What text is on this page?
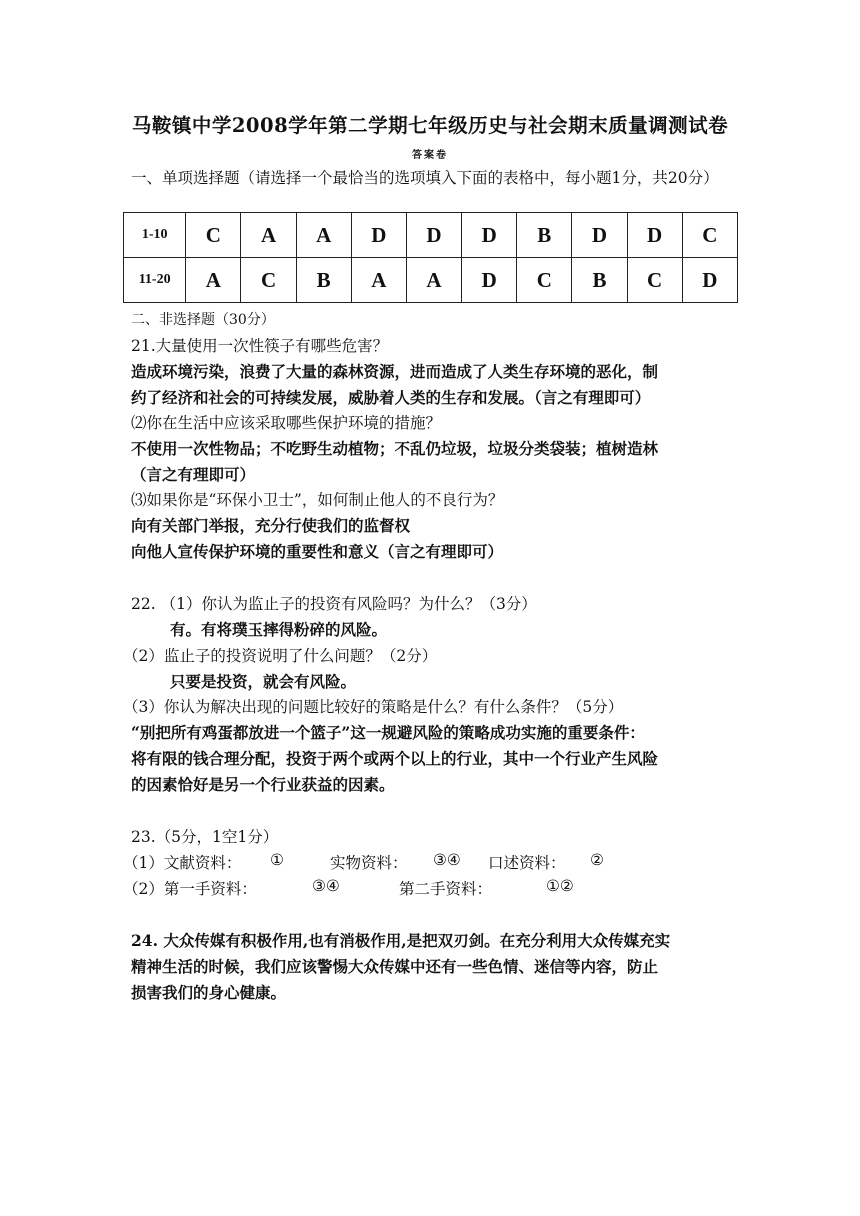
马鞍镇中学2008学年第二学期七年级历史与社会期末质量调测试卷
答案卷
一、单项选择题（请选择一个最恰当的选项填入下面的表格中，每小题1分，共20分）
1-10	C	A	A	D	D	D	B	D	D	C
11-20	A	C	B	A	A	D	C	B	C	D
二、非选择题（30分）
21.大量使用一次性筷子有哪些危害？
造成环境污染，浪费了大量的森林资源，进而造成了人类生存环境的恶化，制
约了经济和社会的可持续发展，威胁着人类的生存和发展。（言之有理即可）
⑵你在生活中应该采取哪些保护环境的措施？
不使用一次性物品；不吃野生动植物；不乱仍垃圾，垃圾分类袋装；植树造林
（言之有理即可）
⑶如果你是“环保小卫士”，如何制止他人的不良行为？
向有关部门举报，充分行使我们的监督权
向他人宣传保护环境的重要性和意义（言之有理即可）
22. （1）你认为监止子的投资有风险吗？为什么？（3分）
有。有将璞玉摔得粉碎的风险。
（2）监止子的投资说明了什么问题？（2分）
只要是投资，就会有风险。
（3）你认为解决出现的问题比较好的策略是什么？有什么条件？（5分）
“别把所有鸡蛋都放进一个篮子”这一规避风险的策略成功实施的重要条件：
将有限的钱合理分配，投资于两个或两个以上的行业，其中一个行业产生风险
的因素恰好是另一个行业获益的因素。
23.（5分，1空1分）
（1）文献资料： ①	实物资料： ③④ 口述资料： ②
（2）第一手资料：	③④	第二手资料：	①②
24. 大众传媒有积极作用,也有消极作用,是把双刃剑。在充分利用大众传媒充实
精神生活的时候，我们应该警惕大众传媒中还有一些色情、迷信等内容，防止
损害我们的身心健康。
